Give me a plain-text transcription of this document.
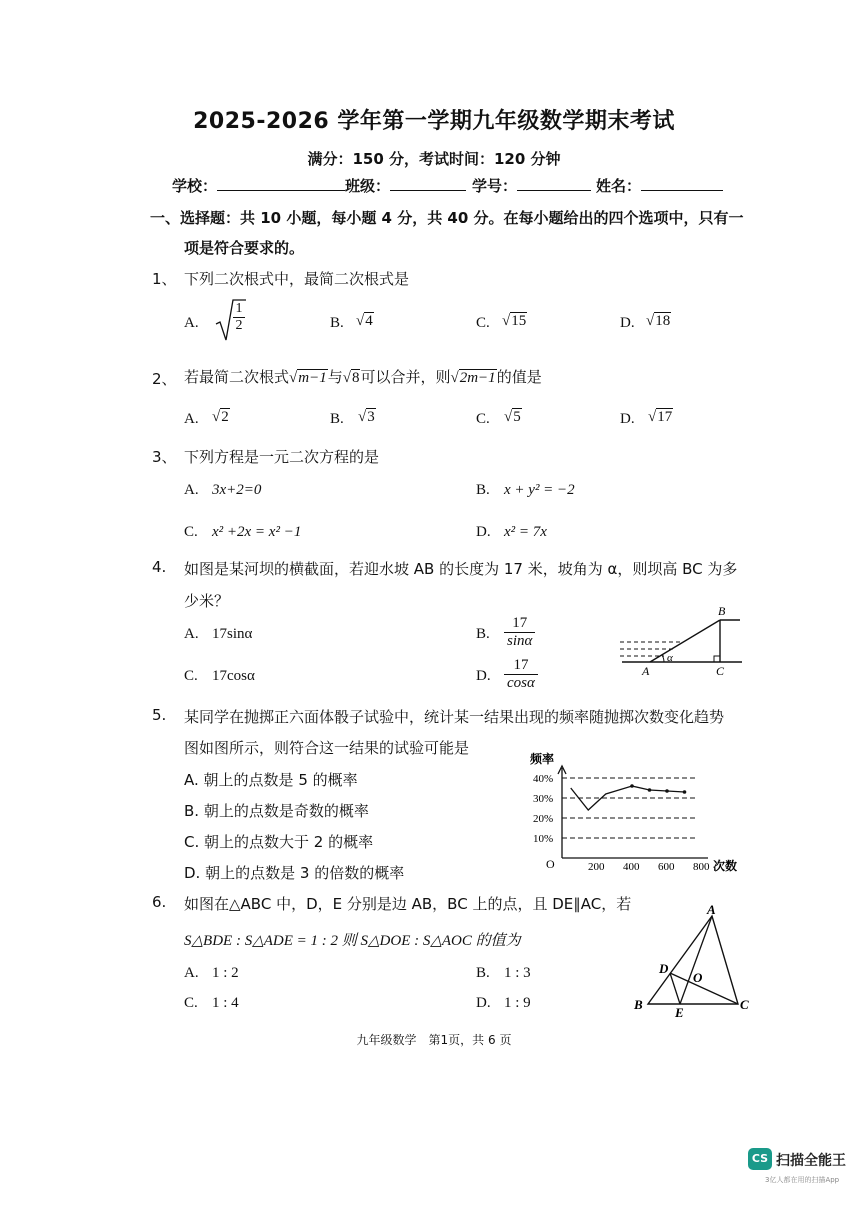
2025-2026 学年第一学期九年级数学期末考试
满分：150 分，考试时间：120 分钟
学校：	班级：	学号：	姓名：
一、选择题：共 10 小题，每小题 4 分，共 40 分。在每小题给出的四个选项中，只有一
项是符合要求的。
1、 下列二次根式中，最简二次根式是
A. $\frac{1}{2}$	B. √4	C. √15	D. √18
2、 若最简二次根式√m−1与√8可以合并，则√2m−1的值是
A. √2	B. √3	C. √5	D. √17
3、 下列方程是一元二次方程的是
A. 3x+2=0	B. x + y² = −2
C. x² +2x = x² −1	D. x² = 7x
4. 如图是某河坝的横截面，若迎水坡 AB 的长度为 17 米，坡角为 α，则坝高 BC 为多
少米？
A. 17sinα	B. $\frac{17}{\sin\alpha}$
C. 17cosα	D. $\frac{17}{\cos\alpha}$
B
A	C
α
5. 某同学在抛掷正六面体骰子试验中，统计某一结果出现的频率随抛掷次数变化趋势
图如图所示，则符合这一结果的试验可能是
A. 朝上的点数是 5 的概率
B. 朝上的点数是奇数的概率
C. 朝上的点数大于 2 的概率
D. 朝上的点数是 3 的倍数的概率
频率
次数
O
10%
20%
30%
40%
200 400 600 800
6. 如图在△ABC 中，D，E 分别是边 AB，BC 上的点，且 DE∥AC，若
S△BDE : S△ADE = 1 : 2 则 S△DOE : S△AOC 的值为
A. 1 : 2	B. 1 : 3
C. 1 : 4	D. 1 : 9
A
B	C
D
E
O
九年级数学　第1页，共 6 页
CS 扫描全能王
3亿人都在用的扫描App
